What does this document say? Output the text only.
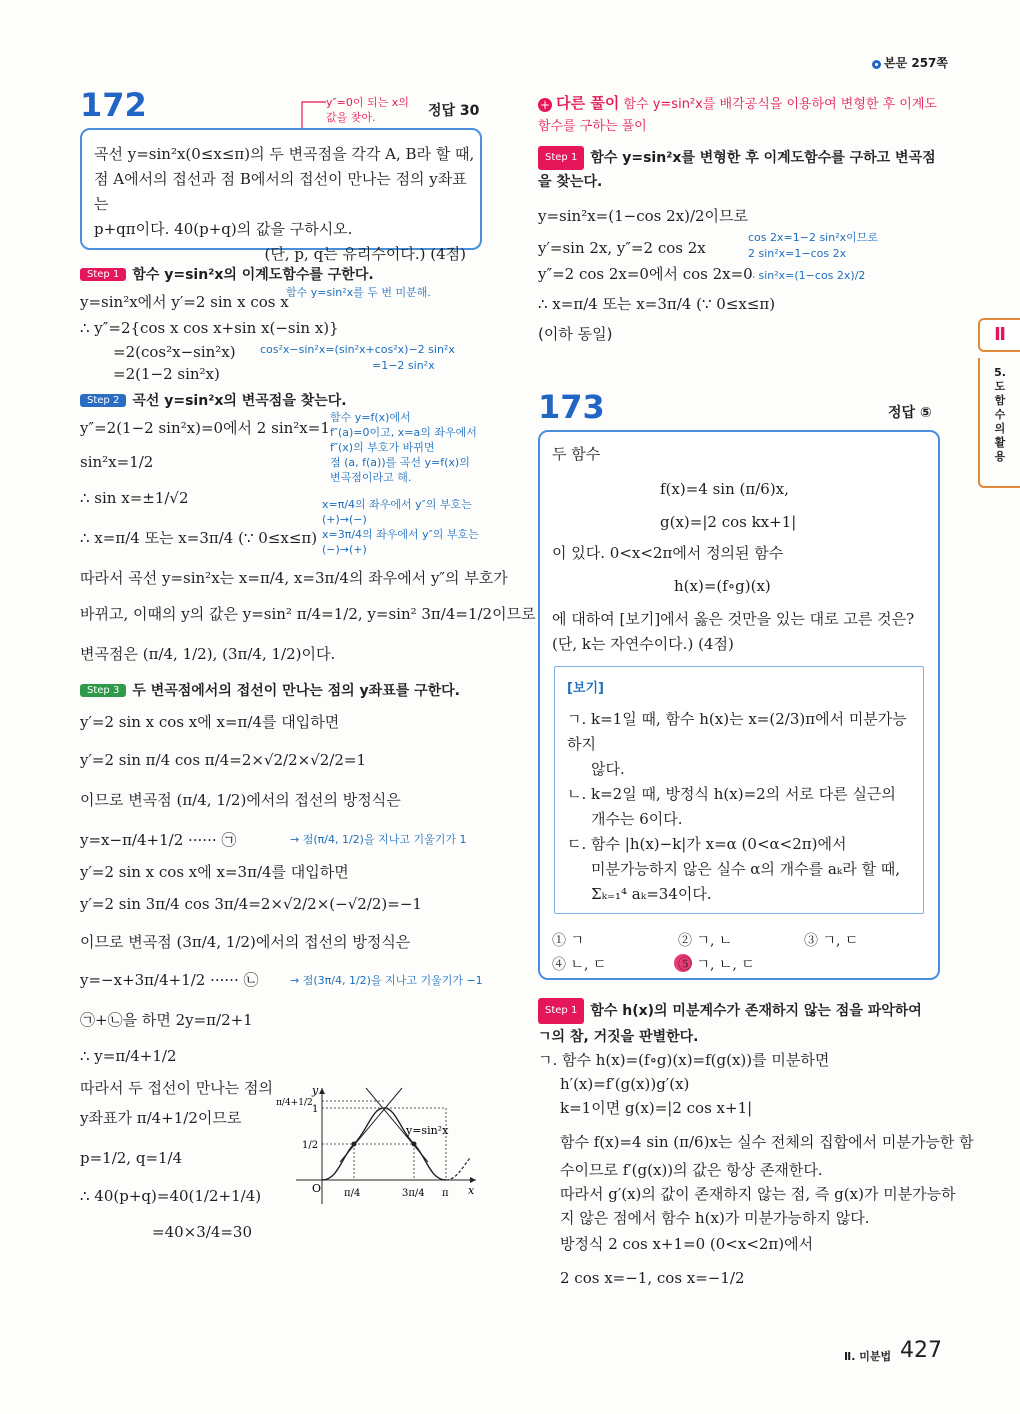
본문 257쪽
172	정답 30
y″=0이 되는 x의
값을 찾아.
곡선 y=sin²x(0≤x≤π)의 두 변곡점을 각각 A, B라 할 때,
점 A에서의 접선과 점 B에서의 접선이 만나는 점의 y좌표는
p+qπ이다. 40(p+q)의 값을 구하시오.
(단, p, q는 유리수이다.) (4점)
Step 1 함수 y=sin²x의 이계도함수를 구한다.
y=sin²x에서 y′=2 sin x cos x
함수 y=sin²x를 두 번 미분해.
∴ y″=2{cos x cos x+sin x(−sin x)}
=2(cos²x−sin²x) cos²x−sin²x=(sin²x+cos²x)−2 sin²x
=1−2 sin²x
=2(1−2 sin²x)
Step 2 곡선 y=sin²x의 변곡점을 찾는다.
y″=2(1−2 sin²x)=0에서 2 sin²x=1
sin²x=1/2
∴ sin x=±1/√2
∴ x=π/4 또는 x=3π/4 (∵ 0≤x≤π)
함수 y=f(x)에서
f″(a)=0이고, x=a의 좌우에서
f″(x)의 부호가 바뀌면
점 (a, f(a))를 곡선 y=f(x)의
변곡점이라고 해.
x=π/4의 좌우에서 y″의 부호는
(+)→(−)
x=3π/4의 좌우에서 y″의 부호는
(−)→(+)
따라서 곡선 y=sin²x는 x=π/4, x=3π/4의 좌우에서 y″의 부호가
바뀌고, 이때의 y의 값은 y=sin² π/4=1/2, y=sin² 3π/4=1/2이므로
변곡점은 (π/4, 1/2), (3π/4, 1/2)이다.
Step 3 두 변곡점에서의 접선이 만나는 점의 y좌표를 구한다.
y′=2 sin x cos x에 x=π/4를 대입하면
y′=2 sin π/4 cos π/4=2×√2/2×√2/2=1
이므로 변곡점 (π/4, 1/2)에서의 접선의 방정식은
y=x−π/4+1/2 ······ ㉠	→ 점(π/4, 1/2)을 지나고 기울기가 1
y′=2 sin x cos x에 x=3π/4를 대입하면
y′=2 sin 3π/4 cos 3π/4=2×√2/2×(−√2/2)=−1
이므로 변곡점 (3π/4, 1/2)에서의 접선의 방정식은
y=−x+3π/4+1/2 ······ ㉡	→ 점(3π/4, 1/2)을 지나고 기울기가 −1
㉠+㉡을 하면 2y=π/2+1
∴ y=π/4+1/2
따라서 두 접선이 만나는 점의
y좌표가 π/4+1/2이므로
p=1/2, q=1/4
∴ 40(p+q)=40(1/2+1/4)
=40×3/4=30
y
x
O
y=sin²x
π/4+1/2
1
1/2
π/4	3π/4 π
+ 다른 풀이 함수 y=sin²x를 배각공식을 이용하여 변형한 후 이계도함수를 구하는 풀이
Step 1 함수 y=sin²x를 변형한 후 이계도함수를 구하고 변곡점을 찾는다.
y=sin²x=(1−cos 2x)/2이므로
y′=sin 2x, y″=2 cos 2x
y″=2 cos 2x=0에서 cos 2x=0
∴ x=π/4 또는 x=3π/4 (∵ 0≤x≤π)
(이하 동일)
cos 2x=1−2 sin²x이므로
2 sin²x=1−cos 2x
∴ sin²x=(1−cos 2x)/2
173	정답 ⑤
두 함수
f(x)=4 sin (π/6)x,
g(x)=|2 cos kx+1|
이 있다. 0<x<2π에서 정의된 함수
h(x)=(f∘g)(x)
에 대하여 [보기]에서 옳은 것만을 있는 대로 고른 것은?
(단, k는 자연수이다.) (4점)
[보기]
ㄱ. k=1일 때, 함수 h(x)는 x=(2/3)π에서 미분가능하지
않다.
ㄴ. k=2일 때, 방정식 h(x)=2의 서로 다른 실근의
개수는 6이다.
ㄷ. 함수 |h(x)−k|가 x=α (0<α<2π)에서
미분가능하지 않은 실수 α의 개수를 aₖ라 할 때,
Σₖ₌₁⁴ aₖ=34이다.
① ㄱ	② ㄱ, ㄴ	③ ㄱ, ㄷ
④ ㄴ, ㄷ	⑤ ㄱ, ㄴ, ㄷ
Step 1 함수 h(x)의 미분계수가 존재하지 않는 점을 파악하여 ㄱ의 참, 거짓을 판별한다.
ㄱ. 함수 h(x)=(f∘g)(x)=f(g(x))를 미분하면
h′(x)=f′(g(x))g′(x)
k=1이면 g(x)=|2 cos x+1|
함수 f(x)=4 sin (π/6)x는 실수 전체의 집합에서 미분가능한 함
수이므로 f′(g(x))의 값은 항상 존재한다.
따라서 g′(x)의 값이 존재하지 않는 점, 즉 g(x)가 미분가능하
지 않은 점에서 함수 h(x)가 미분가능하지 않다.
방정식 2 cos x+1=0 (0<x<2π)에서
2 cos x=−1, cos x=−1/2
Ⅱ
5. 도함수의 활용
Ⅱ. 미분법 427
